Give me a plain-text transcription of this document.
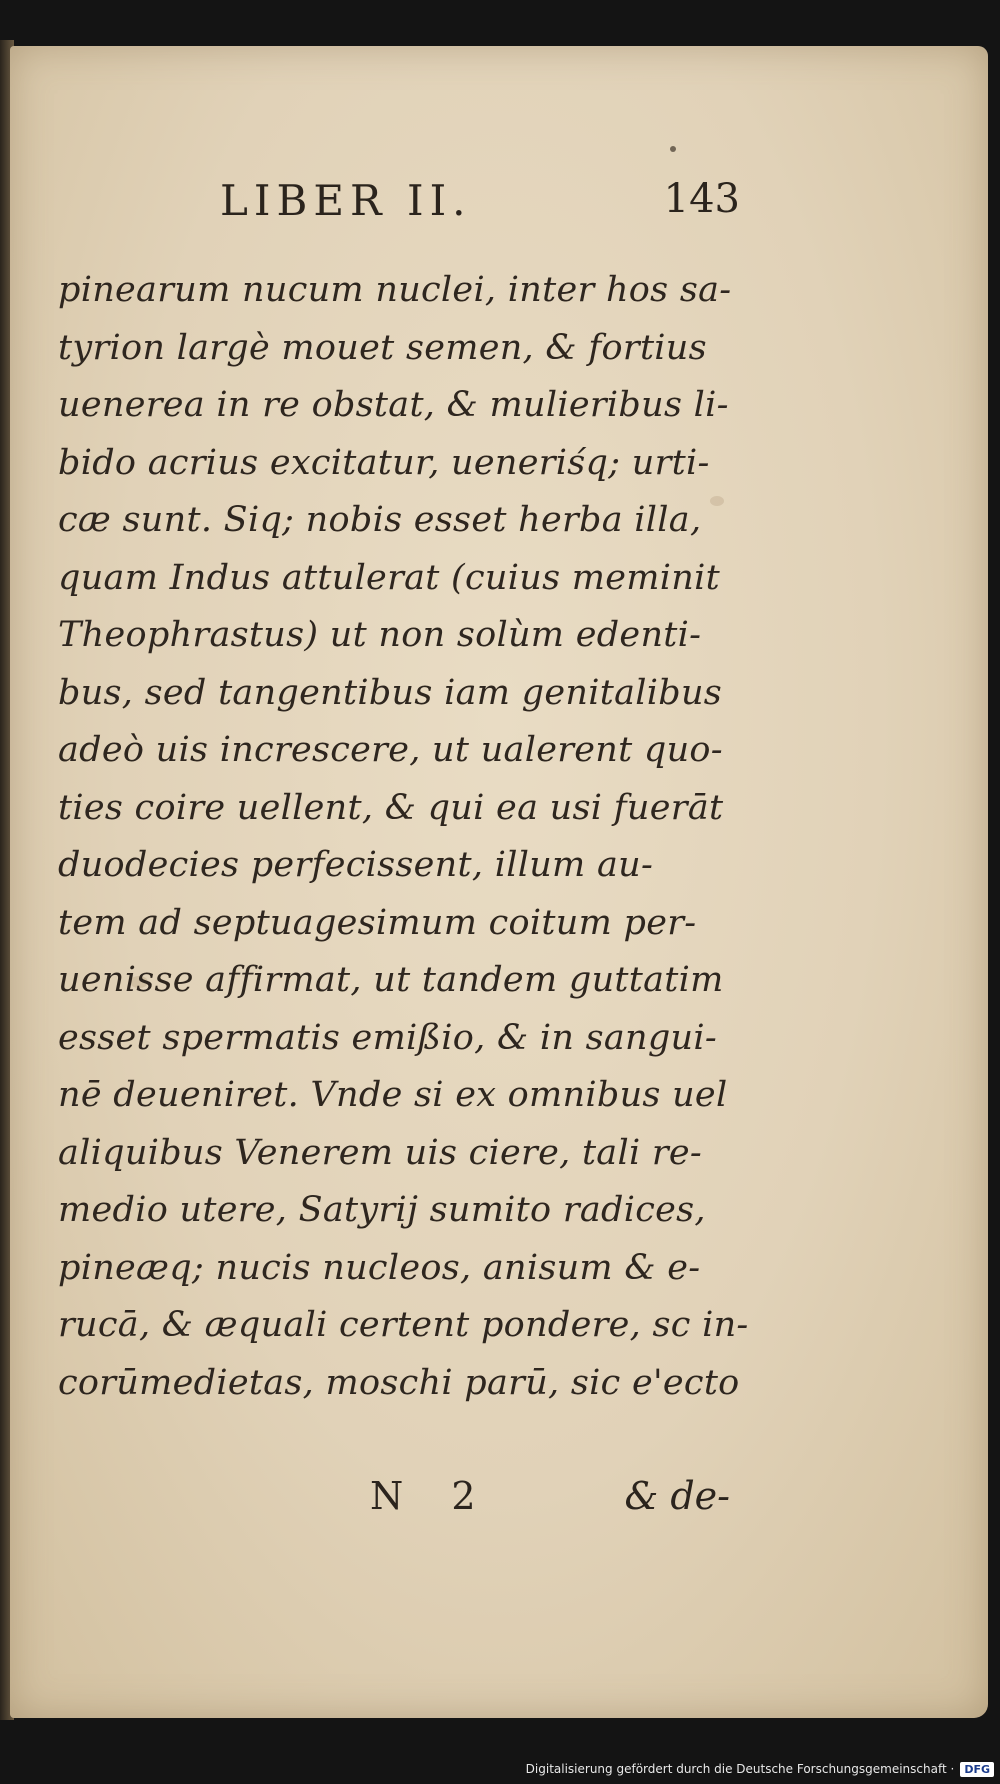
LIBER II.	143
pinearum nucum nuclei, inter hos sa-
tyrion largè mouet semen, & fortius
uenerea in re obstat, & mulieribus li-
bido acrius excitatur, ueneriśq; urti-
cæ sunt. Siq; nobis esset herba illa,
quam Indus attulerat (cuius meminit
Theophrastus) ut non solùm edenti-
bus, sed tangentibus iam genitalibus
adeò uis increscere, ut ualerent quo-
ties coire uellent, & qui ea usi fuerāt
duodecies perfecissent, illum au-
tem ad septuagesimum coitum per-
uenisse affirmat, ut tandem guttatim
esset spermatis emißio, & in sangui-
nē deueniret. Vnde si ex omnibus uel
aliquibus Venerem uis ciere, tali re-
medio utere, Satyrij sumito radices,
pineæq; nucis nucleos, anisum & e-
rucā, & æquali certent pondere, sc in-
corūmedietas, moschi parū, sic e'ecto
N 2	& de-
Digitalisierung gefördert durch die Deutsche Forschungsgemeinschaft · DFG
